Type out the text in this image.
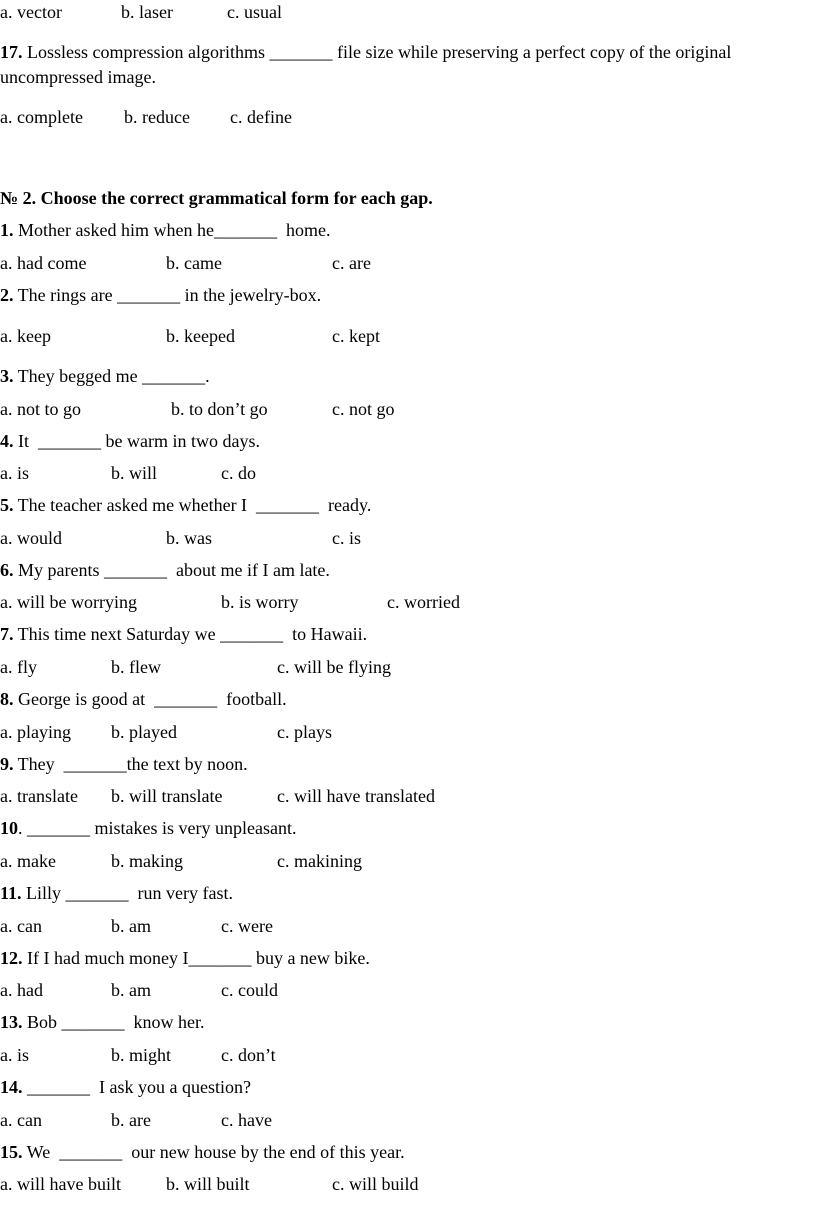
a. vector	b. laser	c. usual
17. Lossless compression algorithms _______ file size while preserving a perfect copy of the original
uncompressed image.
a. complete b. reduce c. define
№ 2. Choose the correct grammatical form for each gap.
1. Mother asked him when he_______  home.
a. had come	b. came	c. are
2. The rings are _______ in the jewelry-box.
a. keep	b. keeped	c. kept
3. They begged me _______.
a. not to go	b. to don’t go	c. not go
4. It  _______ be warm in two days.
a. is	b. will	c. do
5. The teacher asked me whether I  _______  ready.
a. would	b. was	c. is
6. My parents _______  about me if I am late.
a. will be worrying	b. is worry	c. worried
7. This time next Saturday we _______  to Hawaii.
a. fly	b. flew	c. will be flying
8. George is good at  _______  football.
a. playing b. played	c. plays
9. They  _______the text by noon.
a. translate b. will translate	c. will have translated
10. _______ mistakes is very unpleasant.
a. make	b. making	c. makining
11. Lilly _______  run very fast.
a. can	b. am	c. were
12. If I had much money I_______ buy a new bike.
a. had	b. am	c. could
13. Bob _______  know her.
a. is	b. might	c. don’t
14. _______  I ask you a question?
a. can	b. are	c. have
15. We  _______  our new house by the end of this year.
a. will have built	b. will built	c. will build
